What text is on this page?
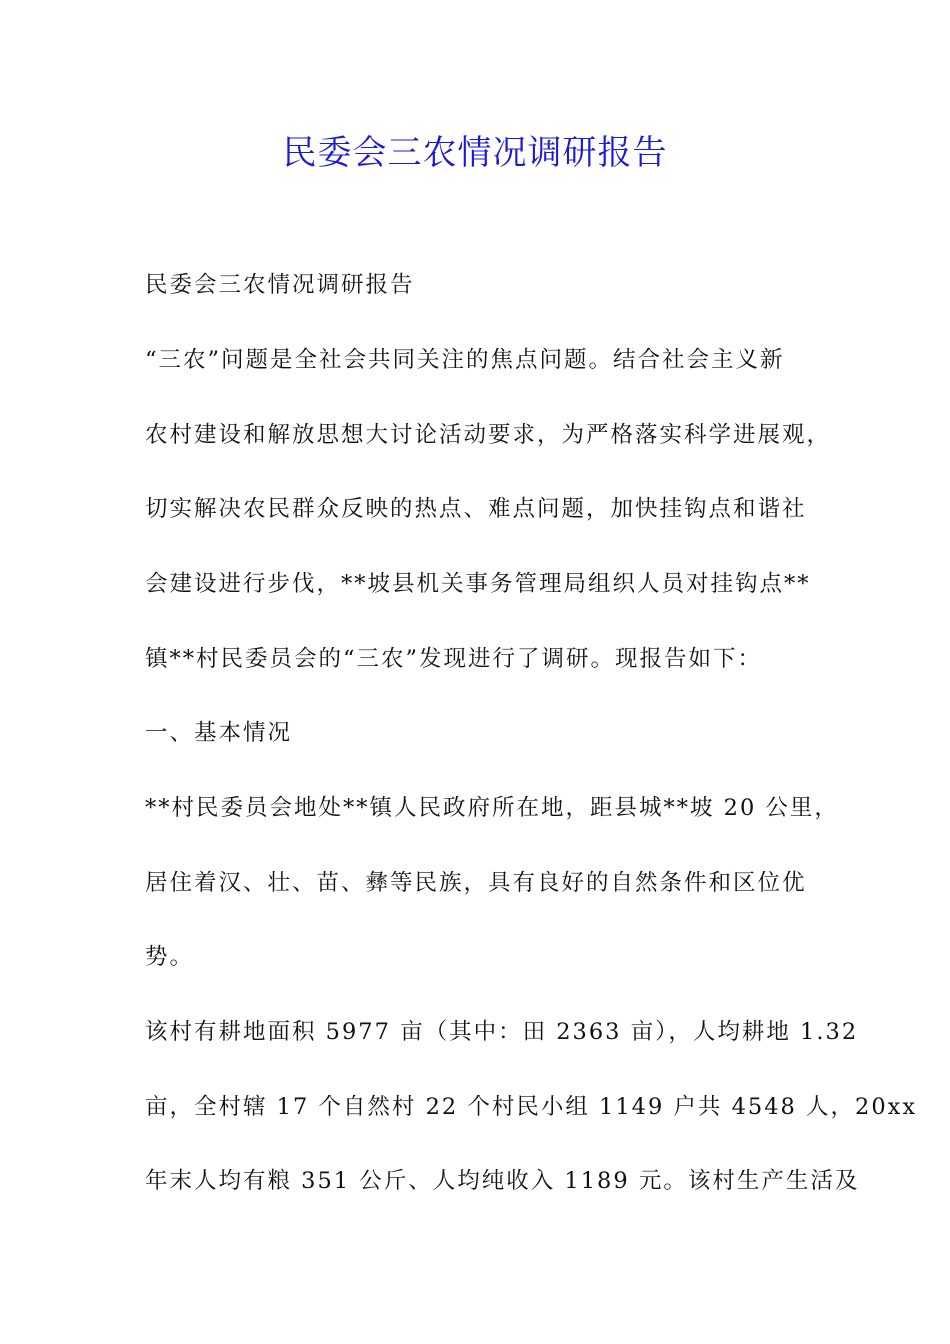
民委会三农情况调研报告
民委会三农情况调研报告
“三农”问题是全社会共同关注的焦点问题。结合社会主义新
农村建设和解放思想大讨论活动要求，为严格落实科学进展观，
切实解决农民群众反映的热点、难点问题，加快挂钩点和谐社
会建设进行步伐，**坡县机关事务管理局组织人员对挂钩点**
镇**村民委员会的“三农”发现进行了调研。现报告如下：
一、基本情况
**村民委员会地处**镇人民政府所在地，距县城**坡 20 公里，
居住着汉、壮、苗、彝等民族，具有良好的自然条件和区位优
势。
该村有耕地面积 5977 亩（其中：田 2363 亩），人均耕地 1.32
亩，全村辖 17 个自然村 22 个村民小组 1149 户共 4548 人，20xx
年末人均有粮 351 公斤、人均纯收入 1189 元。该村生产生活及
